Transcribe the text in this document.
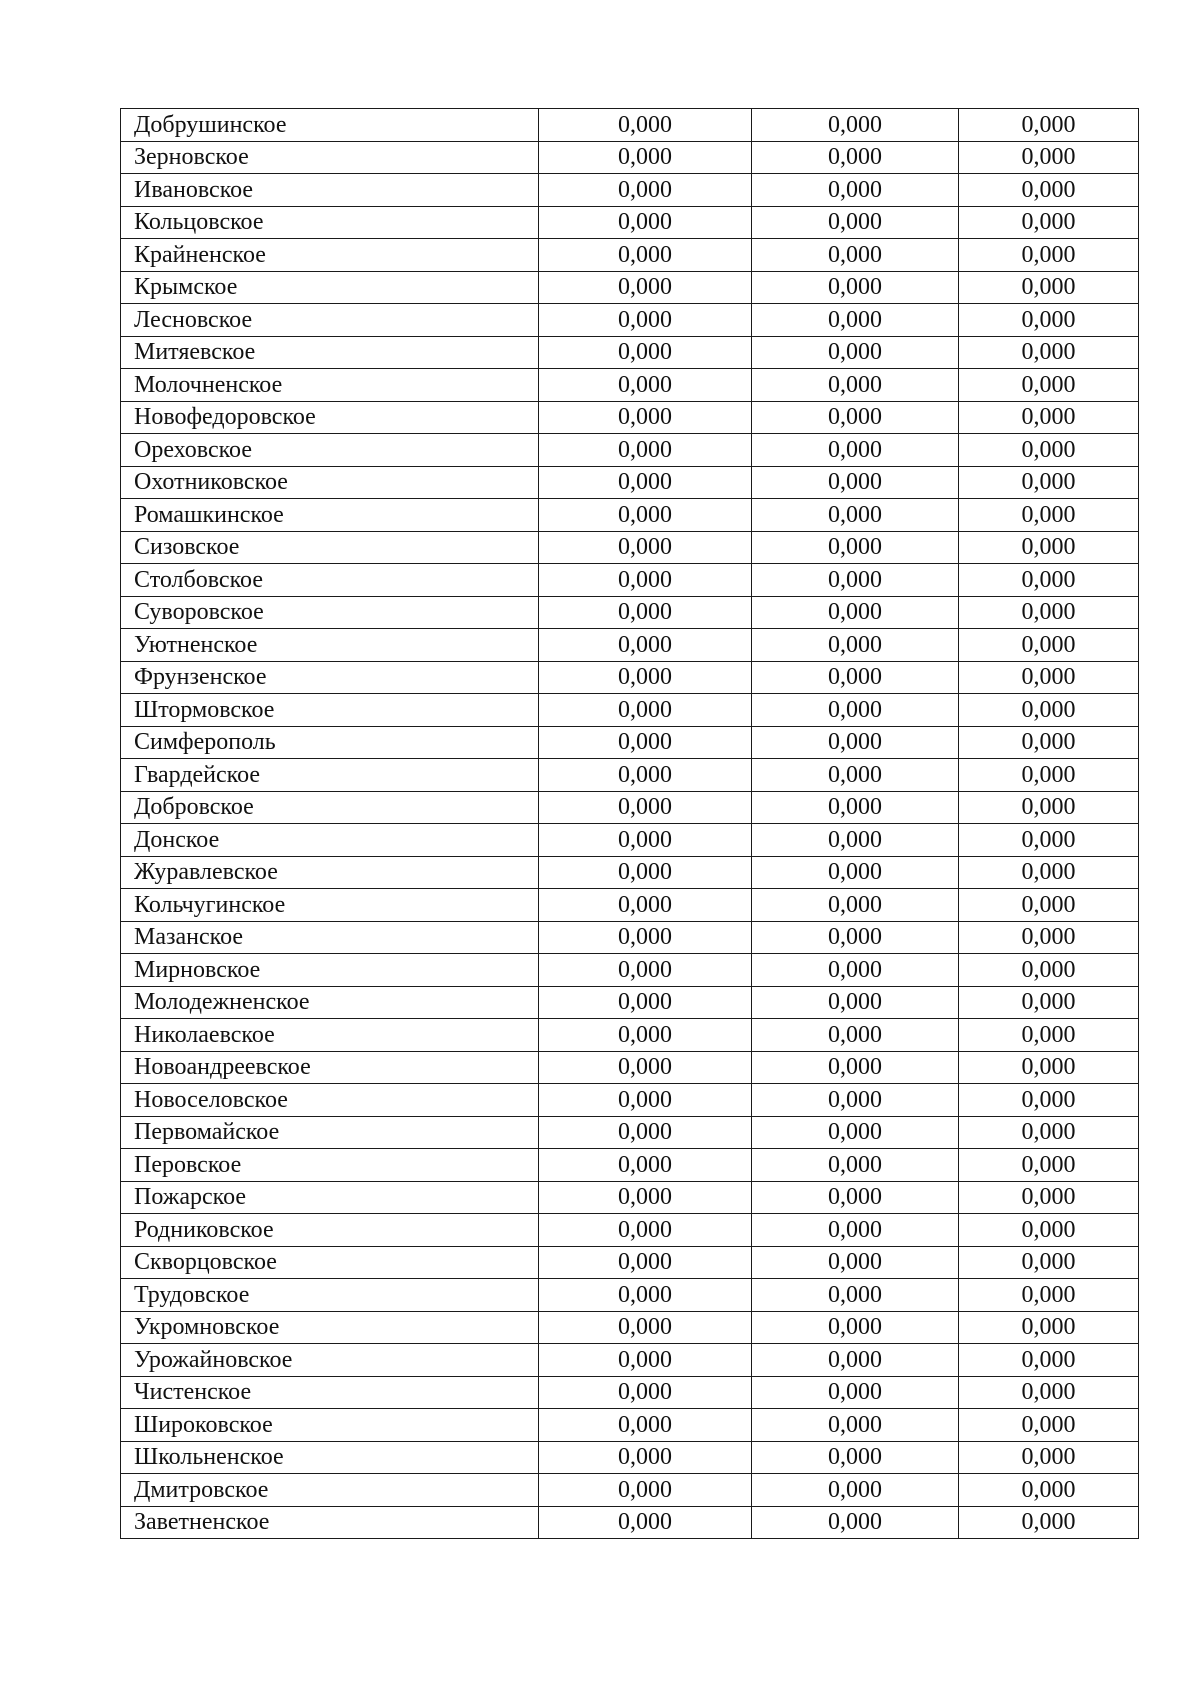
Добрушинское	0,000	0,000	0,000
Зерновское	0,000	0,000	0,000
Ивановское	0,000	0,000	0,000
Кольцовское	0,000	0,000	0,000
Крайненское	0,000	0,000	0,000
Крымское	0,000	0,000	0,000
Лесновское	0,000	0,000	0,000
Митяевское	0,000	0,000	0,000
Молочненское	0,000	0,000	0,000
Новофедоровское	0,000	0,000	0,000
Ореховское	0,000	0,000	0,000
Охотниковское	0,000	0,000	0,000
Ромашкинское	0,000	0,000	0,000
Сизовское	0,000	0,000	0,000
Столбовское	0,000	0,000	0,000
Суворовское	0,000	0,000	0,000
Уютненское	0,000	0,000	0,000
Фрунзенское	0,000	0,000	0,000
Штормовское	0,000	0,000	0,000
Симферополь	0,000	0,000	0,000
Гвардейское	0,000	0,000	0,000
Добровское	0,000	0,000	0,000
Донское	0,000	0,000	0,000
Журавлевское	0,000	0,000	0,000
Кольчугинское	0,000	0,000	0,000
Мазанское	0,000	0,000	0,000
Мирновское	0,000	0,000	0,000
Молодежненское	0,000	0,000	0,000
Николаевское	0,000	0,000	0,000
Новоандреевское	0,000	0,000	0,000
Новоселовское	0,000	0,000	0,000
Первомайское	0,000	0,000	0,000
Перовское	0,000	0,000	0,000
Пожарское	0,000	0,000	0,000
Родниковское	0,000	0,000	0,000
Скворцовское	0,000	0,000	0,000
Трудовское	0,000	0,000	0,000
Укромновское	0,000	0,000	0,000
Урожайновское	0,000	0,000	0,000
Чистенское	0,000	0,000	0,000
Широковское	0,000	0,000	0,000
Школьненское	0,000	0,000	0,000
Дмитровское	0,000	0,000	0,000
Заветненское	0,000	0,000	0,000
